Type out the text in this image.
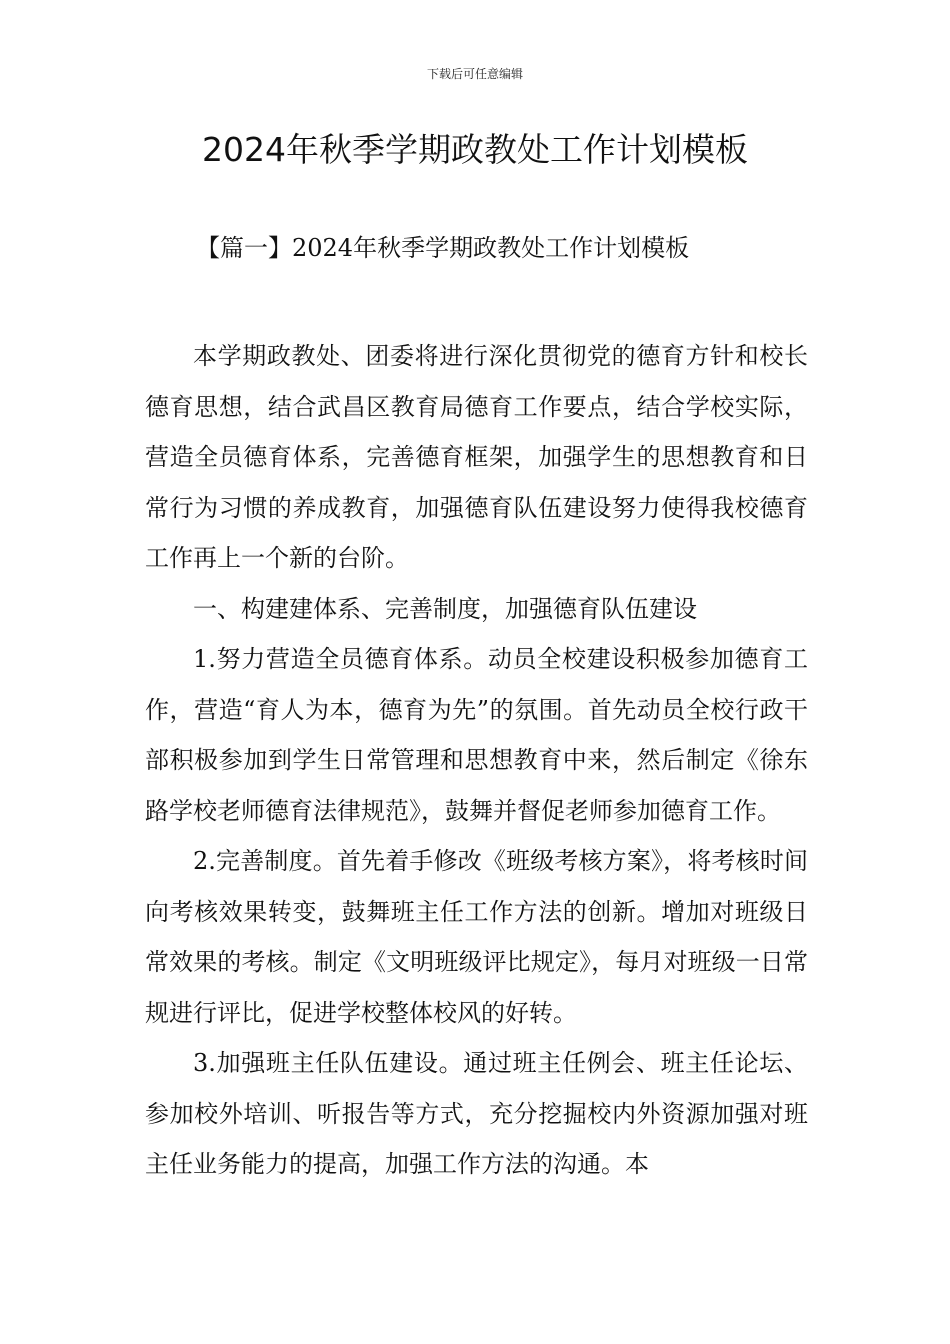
下载后可任意编辑
2024年秋季学期政教处工作计划模板
【篇一】2024年秋季学期政教处工作计划模板

本学期政教处、团委将进行深化贯彻党的德育方针和校长德育思想，结合武昌区教育局德育工作要点，结合学校实际，营造全员德育体系，完善德育框架，加强学生的思想教育和日常行为习惯的养成教育，加强德育队伍建设努力使得我校德育工作再上一个新的台阶。

一、构建建体系、完善制度，加强德育队伍建设

1.努力营造全员德育体系。动员全校建设积极参加德育工作，营造“育人为本，德育为先”的氛围。首先动员全校行政干部积极参加到学生日常管理和思想教育中来，然后制定《徐东路学校老师德育法律规范》，鼓舞并督促老师参加德育工作。

2.完善制度。首先着手修改《班级考核方案》，将考核时间向考核效果转变，鼓舞班主任工作方法的创新。增加对班级日常效果的考核。制定《文明班级评比规定》，每月对班级一日常规进行评比，促进学校整体校风的好转。

3.加强班主任队伍建设。通过班主任例会、班主任论坛、参加校外培训、听报告等方式，充分挖掘校内外资源加强对班主任业务能力的提高，加强工作方法的沟通。本
